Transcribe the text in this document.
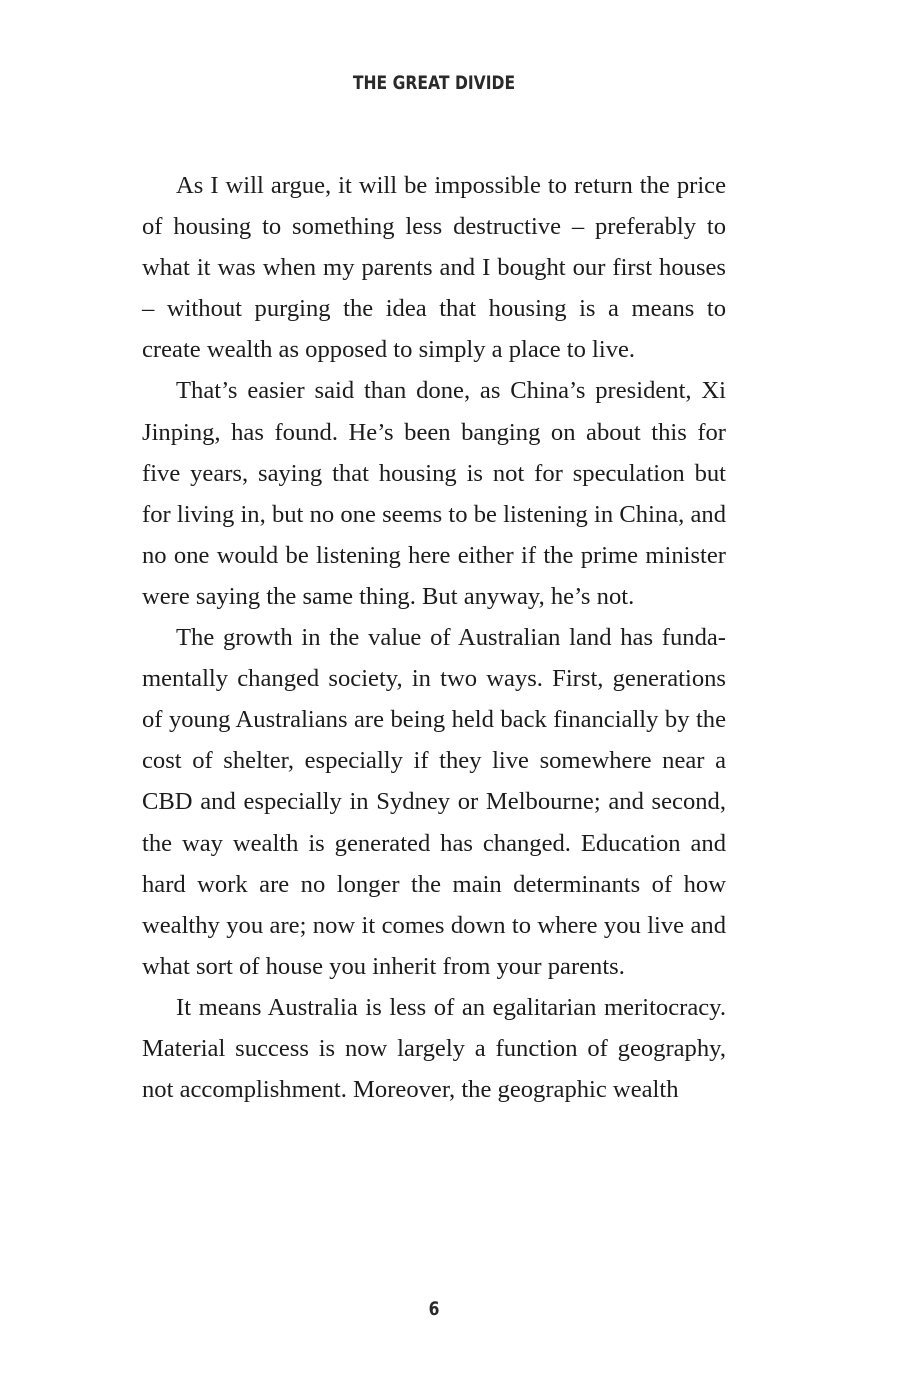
THE GREAT DIVIDE

As I will argue, it will be impossible to return the price of housing to something less destructive – preferably to what it was when my parents and I bought our first houses – without purging the idea that housing is a means to create wealth as opposed to simply a place to live.

That’s easier said than done, as China’s president, Xi Jinping, has found. He’s been banging on about this for five years, saying that housing is not for speculation but for living in, but no one seems to be listening in China, and no one would be listening here either if the prime minister were saying the same thing. But anyway, he’s not.

The growth in the value of Australian land has fundamentally changed society, in two ways. First, generations of young Australians are being held back financially by the cost of shelter, especially if they live somewhere near a CBD and especially in Sydney or Melbourne; and second, the way wealth is generated has changed. Education and hard work are no longer the main determinants of how wealthy you are; now it comes down to where you live and what sort of house you inherit from your parents.

It means Australia is less of an egalitarian meritocracy. Material success is now largely a function of geography, not accomplishment. Moreover, the geographic wealth

6
